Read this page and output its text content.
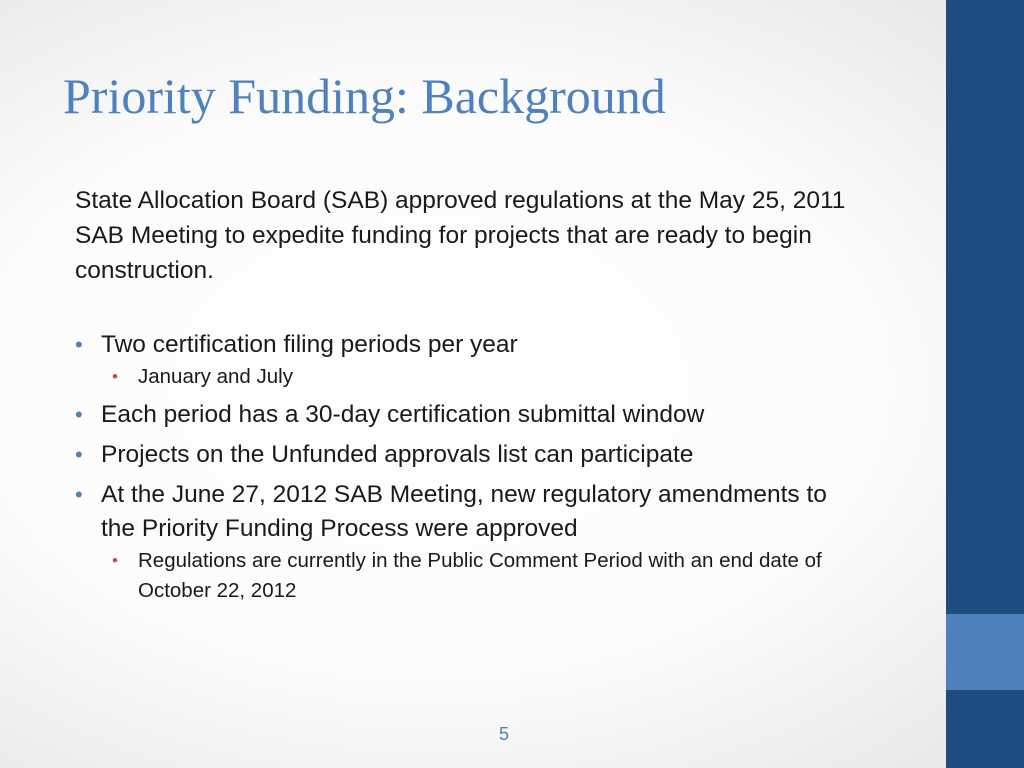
Priority Funding: Background

State Allocation Board (SAB) approved regulations at the May 25, 2011 SAB Meeting to expedite funding for projects that are ready to begin construction.

• Two certification filing periods per year
• January and July
• Each period has a 30-day certification submittal window
• Projects on the Unfunded approvals list can participate
• At the June 27, 2012 SAB Meeting, new regulatory amendments to the Priority Funding Process were approved
• Regulations are currently in the Public Comment Period with an end date of October 22, 2012
5
